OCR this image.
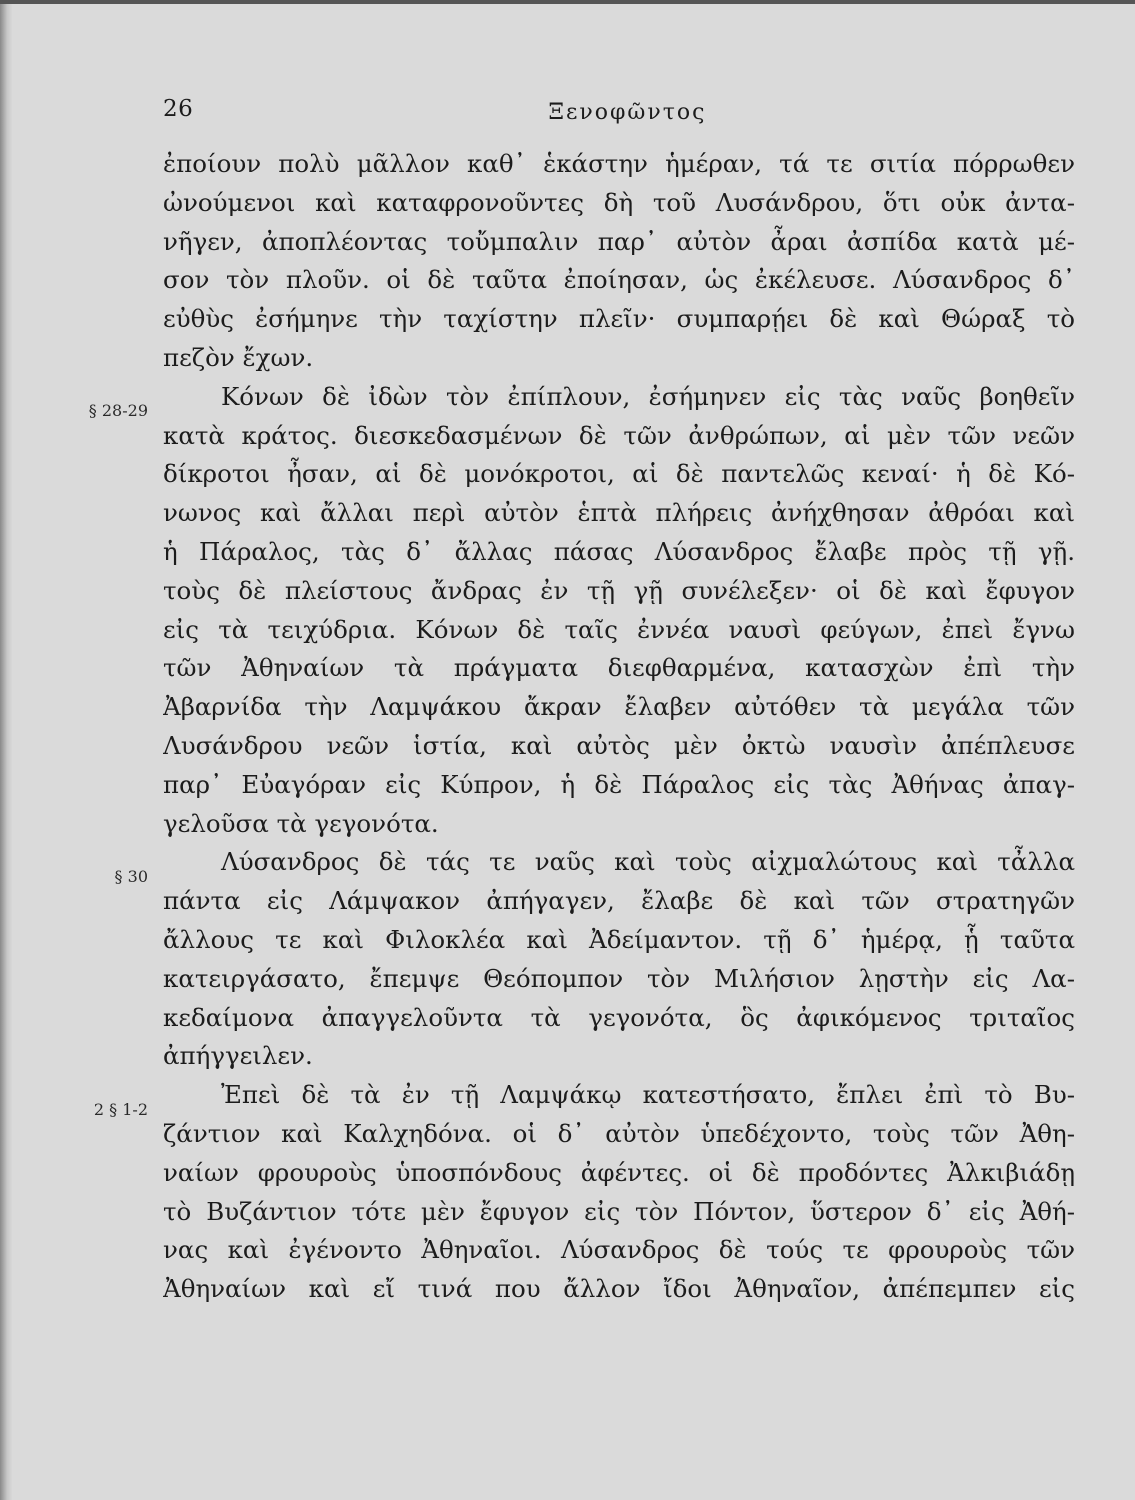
26	Ξενοφῶντος
§ 28-29
§ 30
2 § 1-2
ἐποίουν πολὺ μᾶλλον καθ᾽ ἑκάστην ἡμέραν, τά τε σιτία πόρρωθεν
ὠνούμενοι καὶ καταφρονοῦντες δὴ τοῦ Λυσάνδρου, ὅτι οὐκ ἀντα-
νῆγεν, ἀποπλέοντας τοὔμπαλιν παρ᾽ αὐτὸν ἆραι ἀσπίδα κατὰ μέ-
σον τὸν πλοῦν. οἱ δὲ ταῦτα ἐποίησαν, ὡς ἐκέλευσε. Λύσανδρος δ᾽
εὐθὺς ἐσήμηνε τὴν ταχίστην πλεῖν· συμπαρῄει δὲ καὶ Θώραξ τὸ
πεζὸν ἔχων.
Κόνων δὲ ἰδὼν τὸν ἐπίπλουν, ἐσήμηνεν εἰς τὰς ναῦς βοηθεῖν
κατὰ κράτος. διεσκεδασμένων δὲ τῶν ἀνθρώπων, αἱ μὲν τῶν νεῶν
δίκροτοι ἦσαν, αἱ δὲ μονόκροτοι, αἱ δὲ παντελῶς κεναί· ἡ δὲ Κό-
νωνος καὶ ἄλλαι περὶ αὐτὸν ἑπτὰ πλήρεις ἀνήχθησαν ἀθρόαι καὶ
ἡ Πάραλος, τὰς δ᾽ ἄλλας πάσας Λύσανδρος ἔλαβε πρὸς τῇ γῇ.
τοὺς δὲ πλείστους ἄνδρας ἐν τῇ γῇ συνέλεξεν· οἱ δὲ καὶ ἔφυγον
εἰς τὰ τειχύδρια. Κόνων δὲ ταῖς ἐννέα ναυσὶ φεύγων, ἐπεὶ ἔγνω
τῶν Ἀθηναίων τὰ πράγματα διεφθαρμένα, κατασχὼν ἐπὶ τὴν
Ἀβαρνίδα τὴν Λαμψάκου ἄκραν ἔλαβεν αὐτόθεν τὰ μεγάλα τῶν
Λυσάνδρου νεῶν ἱστία, καὶ αὐτὸς μὲν ὀκτὼ ναυσὶν ἀπέπλευσε
παρ᾽ Εὐαγόραν εἰς Κύπρον, ἡ δὲ Πάραλος εἰς τὰς Ἀθήνας ἀπαγ-
γελοῦσα τὰ γεγονότα.
Λύσανδρος δὲ τάς τε ναῦς καὶ τοὺς αἰχμαλώτους καὶ τἆλλα
πάντα εἰς Λάμψακον ἀπήγαγεν, ἔλαβε δὲ καὶ τῶν στρατηγῶν
ἄλλους τε καὶ Φιλοκλέα καὶ Ἀδείμαντον. τῇ δ᾽ ἡμέρᾳ, ᾗ ταῦτα
κατειργάσατο, ἔπεμψε Θεόπομπον τὸν Μιλήσιον λῃστὴν εἰς Λα-
κεδαίμονα ἀπαγγελοῦντα τὰ γεγονότα, ὃς ἀφικόμενος τριταῖος
ἀπήγγειλεν.
Ἐπεὶ δὲ τὰ ἐν τῇ Λαμψάκῳ κατεστήσατο, ἔπλει ἐπὶ τὸ Βυ-
ζάντιον καὶ Καλχηδόνα. οἱ δ᾽ αὐτὸν ὑπεδέχοντο, τοὺς τῶν Ἀθη-
ναίων φρουροὺς ὑποσπόνδους ἀφέντες. οἱ δὲ προδόντες Ἀλκιβιάδῃ
τὸ Βυζάντιον τότε μὲν ἔφυγον εἰς τὸν Πόντον, ὕστερον δ᾽ εἰς Ἀθή-
νας καὶ ἐγένοντο Ἀθηναῖοι. Λύσανδρος δὲ τούς τε φρουροὺς τῶν
Ἀθηναίων καὶ εἴ τινά που ἄλλον ἴδοι Ἀθηναῖον, ἀπέπεμπεν εἰς
